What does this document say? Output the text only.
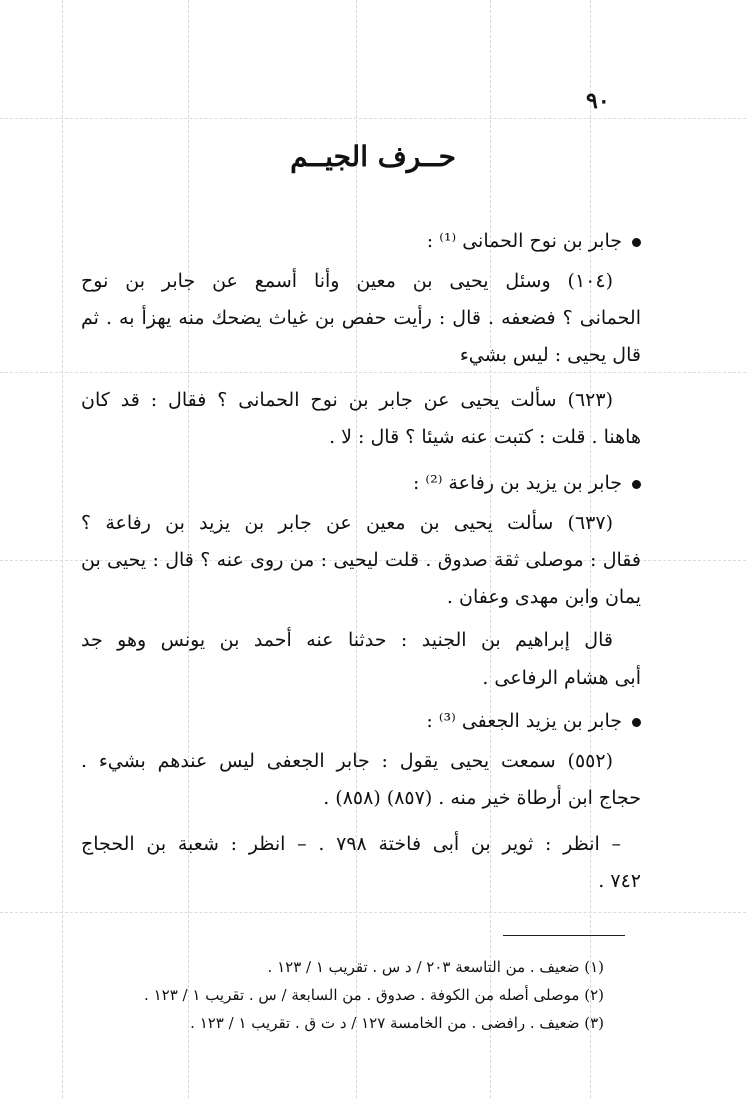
٩٠
حــرف الجيــم
جابر بن نوح الحمانى ⁽¹⁾ :
(١٠٤) وسئل يحيى بن معين وأنا أسمع عن جابر بن نوح
الحمانى ؟ فضعفه . قال : رأيت حفص بن غياث يضحك منه يهزأ به . ثم
قال يحيى : ليس بشيء
(٦٢٣) سألت يحيى عن جابر بن نوح الحمانى ؟ فقال : قد كان
هاهنا . قلت : كتبت عنه شيئا ؟ قال : لا .
جابر بن يزيد بن رفاعة ⁽²⁾ :
(٦٣٧) سألت يحيى بن معين عن جابر بن يزيد بن رفاعة ؟
فقال : موصلى ثقة صدوق . قلت ليحيى : من روى عنه ؟ قال : يحيى بن
يمان وابن مهدى وعفان .
قال إبراهيم بن الجنيد : حدثنا عنه أحمد بن يونس وهو جد
أبى هشام الرفاعى .
جابر بن يزيد الجعفى ⁽³⁾ :
(٥٥٢) سمعت يحيى يقول : جابر الجعفى ليس عندهم بشيء .
حجاج ابن أرطاة خير منه . (٨٥٧) (٨٥٨) .
– انظر : ثوير بن أبى فاختة ٧٩٨ . – انظر : شعبة بن الحجاج
٧٤٢ .
(١) ضعيف . من التاسعة ٢٠٣ / د س . تقريب ١ / ١٢٣ .
(٢) موصلى أصله من الكوفة . صدوق . من السابعة / س . تقريب ١ / ١٢٣ .
(٣) ضعيف . رافضى . من الخامسة ١٢٧ / د ت ق . تقريب ١ / ١٢٣ .
